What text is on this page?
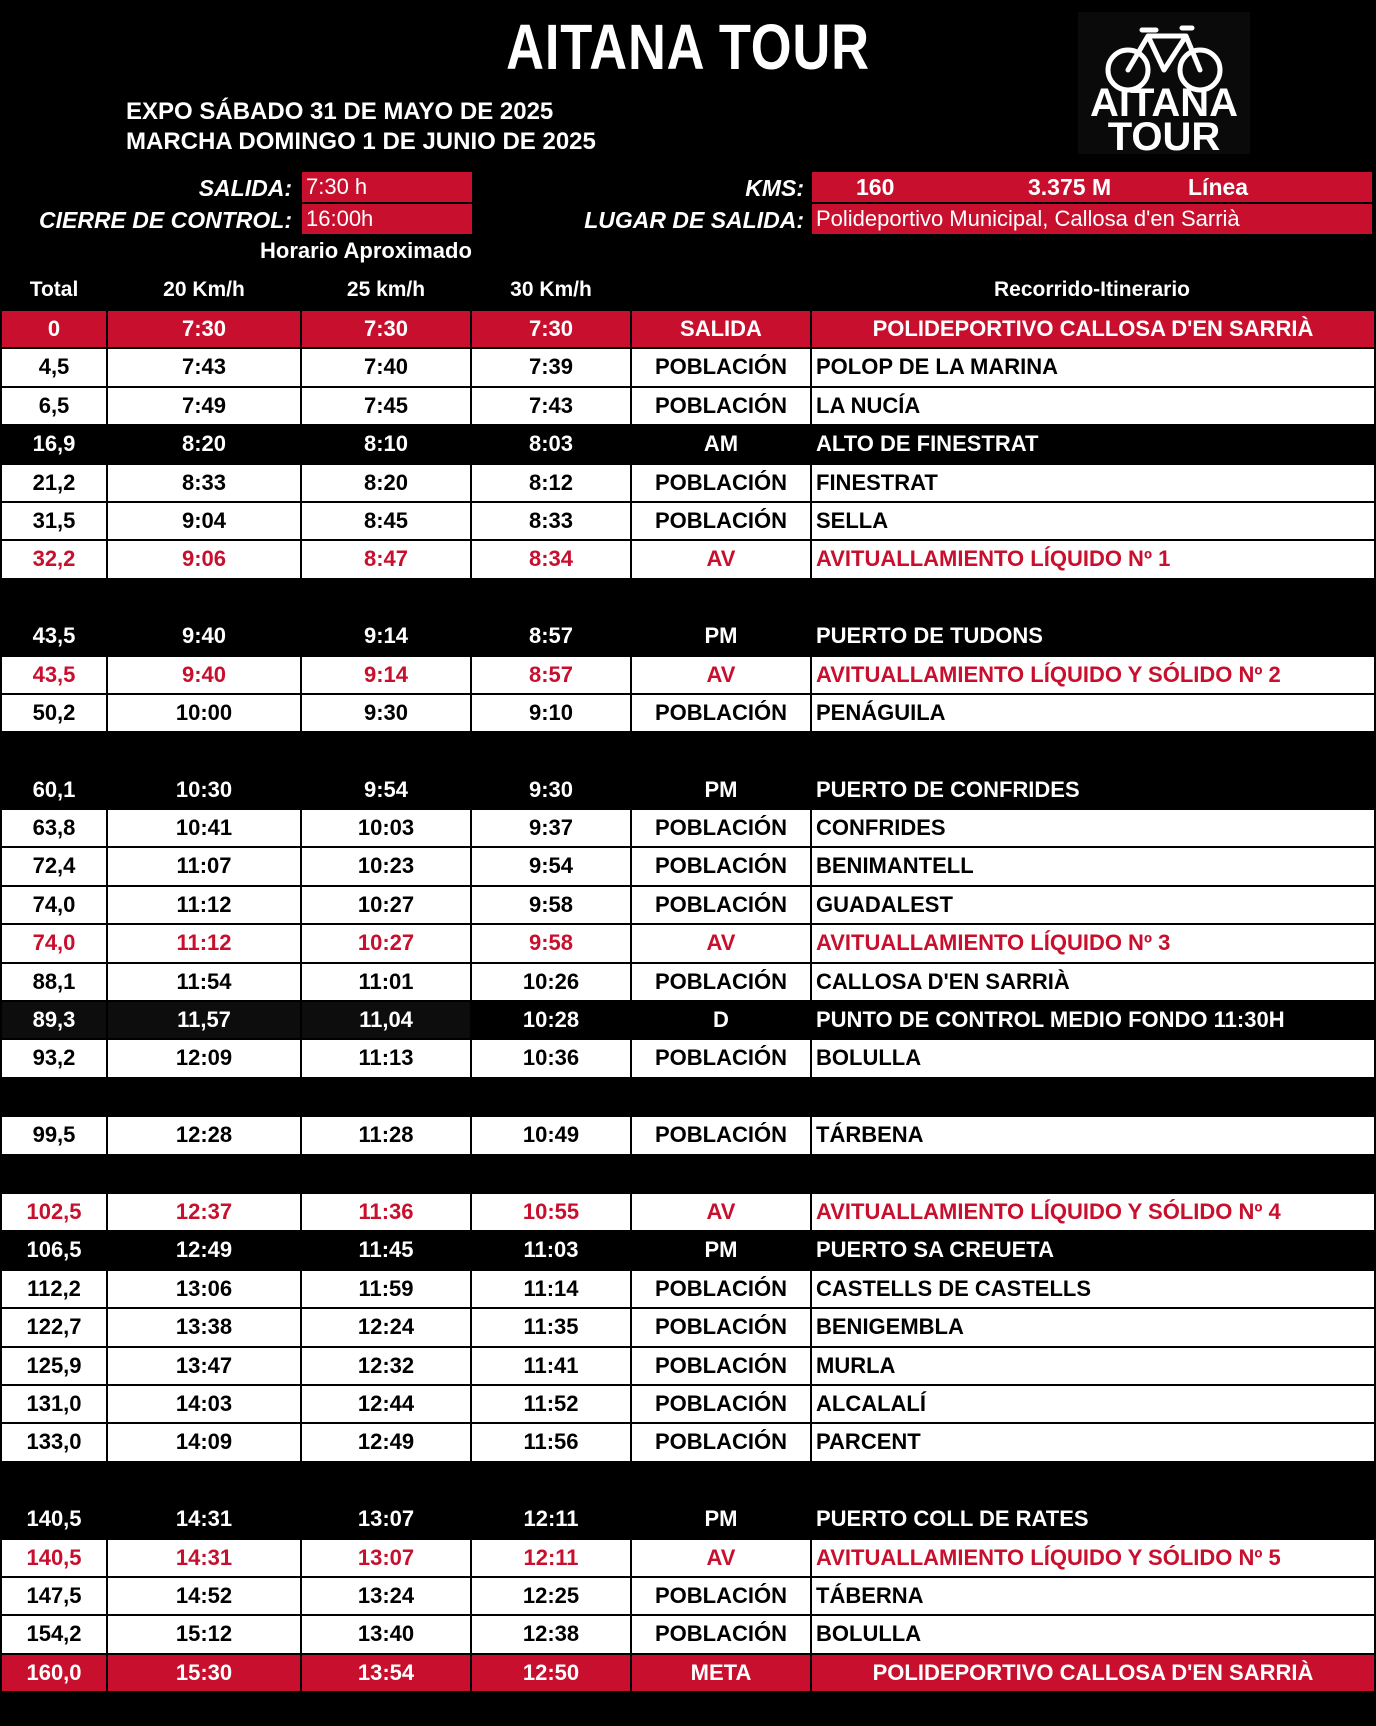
AITANA TOUR
EXPO SÁBADO 31 DE MAYO DE 2025
MARCHA DOMINGO 1 DE JUNIO DE 2025
AITANA
TOUR
SALIDA: 7:30 h
CIERRE DE CONTROL: 16:00h
KMS: 160	3.375 M	Línea
LUGAR DE SALIDA: Polideportivo Municipal, Callosa d'en Sarrià
Horario Aproximado
Total	20 Km/h	25 km/h	30 Km/h	Recorrido-Itinerario
0	7:30	7:30	7:30	SALIDA	POLIDEPORTIVO CALLOSA D'EN SARRIÀ
4,5	7:43	7:40	7:39	POBLACIÓN	POLOP DE LA MARINA
6,5	7:49	7:45	7:43	POBLACIÓN	LA NUCÍA
16,9	8:20	8:10	8:03	AM	ALTO DE FINESTRAT
21,2	8:33	8:20	8:12	POBLACIÓN	FINESTRAT
31,5	9:04	8:45	8:33	POBLACIÓN	SELLA
32,2	9:06	8:47	8:34	AV	AVITUALLAMIENTO LÍQUIDO Nº 1
32,4	9:07	8:47	8:34	Inicio Crono Escalada - Puerto de Tudons
43,5	9:40	9:14	8:57	PM	PUERTO DE TUDONS
43,5	9:40	9:14	8:57	AV	AVITUALLAMIENTO LÍQUIDO Y SÓLIDO Nº 2
50,2	10:00	9:30	9:10	POBLACIÓN	PENÁGUILA
56,8	10:20	9:46	9:23	Inicio Crono Escalada - Puerto de Condrides
60,1	10:30	9:54	9:30	PM	PUERTO DE CONFRIDES
63,8	10:41	10:03	9:37	POBLACIÓN	CONFRIDES
72,4	11:07	10:23	9:54	POBLACIÓN	BENIMANTELL
74,0	11:12	10:27	9:58	POBLACIÓN	GUADALEST
74,0	11:12	10:27	9:58	AV	AVITUALLAMIENTO LÍQUIDO Nº 3
88,1	11:54	11:01	10:26	POBLACIÓN	CALLOSA D'EN SARRIÀ
89,3	11,57	11,04	10:28	D	PUNTO DE CONTROL MEDIO FONDO 11:30H
93,2	12:09	11:13	10:36	POBLACIÓN	BOLULLA
94,3	12:12	11:16	10:38	Inicio Crono Escalada - Puerto de Sa Creueta
99,5	12:28	11:28	10:49	POBLACIÓN	TÁRBENA
102,5	12:37	11:36	10:55	Final Crono Escalada - Puerto de Sa Creueta
102,5	12:37	11:36	10:55	AV	AVITUALLAMIENTO LÍQUIDO Y SÓLIDO Nº 4
106,5	12:49	11:45	11:03	PM	PUERTO SA CREUETA
112,2	13:06	11:59	11:14	POBLACIÓN	CASTELLS DE CASTELLS
122,7	13:38	12:24	11:35	POBLACIÓN	BENIGEMBLA
125,9	13:47	12:32	11:41	POBLACIÓN	MURLA
131,0	14:03	12:44	11:52	POBLACIÓN	ALCALALÍ
133,0	14:09	12:49	11:56	POBLACIÓN	PARCENT
134,0	14:12	12:51	11:58	Inicio Crono Escalada - Puerto de Coll de Rates
140,5	14:31	13:07	12:11	PM	PUERTO COLL DE RATES
140,5	14:31	13:07	12:11	AV	AVITUALLAMIENTO LÍQUIDO Y SÓLIDO Nº 5
147,5	14:52	13:24	12:25	POBLACIÓN	TÁBERNA
154,2	15:12	13:40	12:38	POBLACIÓN	BOLULLA
160,0	15:30	13:54	12:50	META	POLIDEPORTIVO CALLOSA D'EN SARRIÀ
